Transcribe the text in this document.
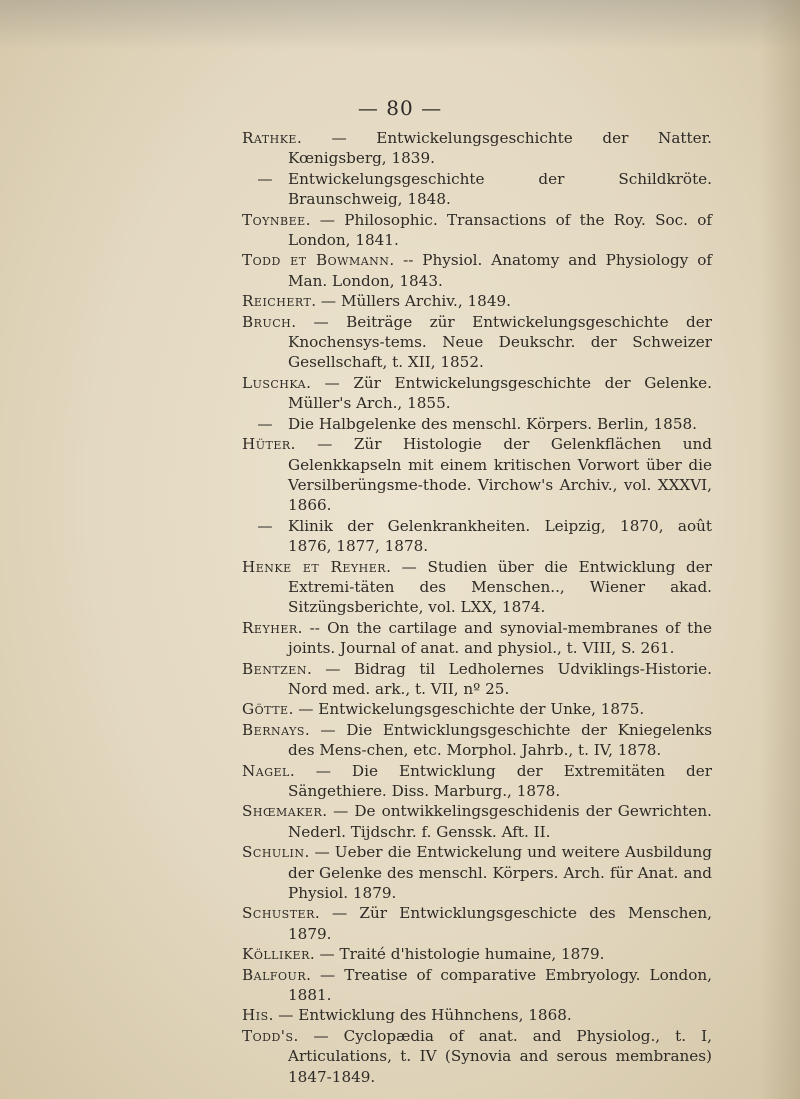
— 80 —
Rathke. — Entwickelungsgeschichte der Natter. Kœnigsberg, 1839.
— Entwickelungsgeschichte der Schildkröte. Braunschweig, 1848.
Toynbee. — Philosophic. Transactions of the Roy. Soc. of London, 1841.
Todd et Bowmann. -- Physiol. Anatomy and Physiology of Man. London, 1843.
Reichert. — Müllers Archiv., 1849.
Bruch. — Beiträge zür Entwickelungsgeschichte der Knochensys-tems. Neue Deukschr. der Schweizer Gesellschaft, t. XII, 1852.
Luschka. — Zür Entwickelungsgeschichte der Gelenke. Müller's Arch., 1855.
— Die Halbgelenke des menschl. Körpers. Berlin, 1858.
Hüter. — Zür Histologie der Gelenkflächen und Gelenkkapseln mit einem kritischen Vorwort über die Versilberüngsme-thode. Virchow's Archiv., vol. XXXVI, 1866.
— Klinik der Gelenkrankheiten. Leipzig, 1870, août 1876, 1877, 1878.
Henke et Reyher. — Studien über die Entwicklung der Extremi-täten des Menschen.., Wiener akad. Sitzüngsberichte, vol. LXX, 1874.
Reyher. -- On the cartilage and synovial-membranes of the joints. Journal of anat. and physiol., t. VIII, S. 261.
Bentzen. — Bidrag til Ledholernes Udviklings-Historie. Nord med. ark., t. VII, nº 25.
Götte. — Entwickelungsgeschichte der Unke, 1875.
Bernays. — Die Entwicklungsgeschichte der Kniegelenks des Mens-chen, etc. Morphol. Jahrb., t. IV, 1878.
Nagel. — Die Entwicklung der Extremitäten der Sängethiere. Diss. Marburg., 1878.
Shœmaker. — De ontwikkelingsgeschidenis der Gewrichten. Nederl. Tijdschr. f. Genssk. Aft. II.
Schulin. — Ueber die Entwickelung und weitere Ausbildung der Gelenke des menschl. Körpers. Arch. für Anat. and Physiol. 1879.
Schuster. — Zür Entwicklungsgeschicte des Menschen, 1879.
Kölliker. — Traité d'histologie humaine, 1879.
Balfour. — Treatise of comparative Embryology. London, 1881.
His. — Entwicklung des Hühnchens, 1868.
Todd's. — Cyclopædia of anat. and Physiolog., t. I, Articulations, t. IV (Synovia and serous membranes) 1847-1849.
